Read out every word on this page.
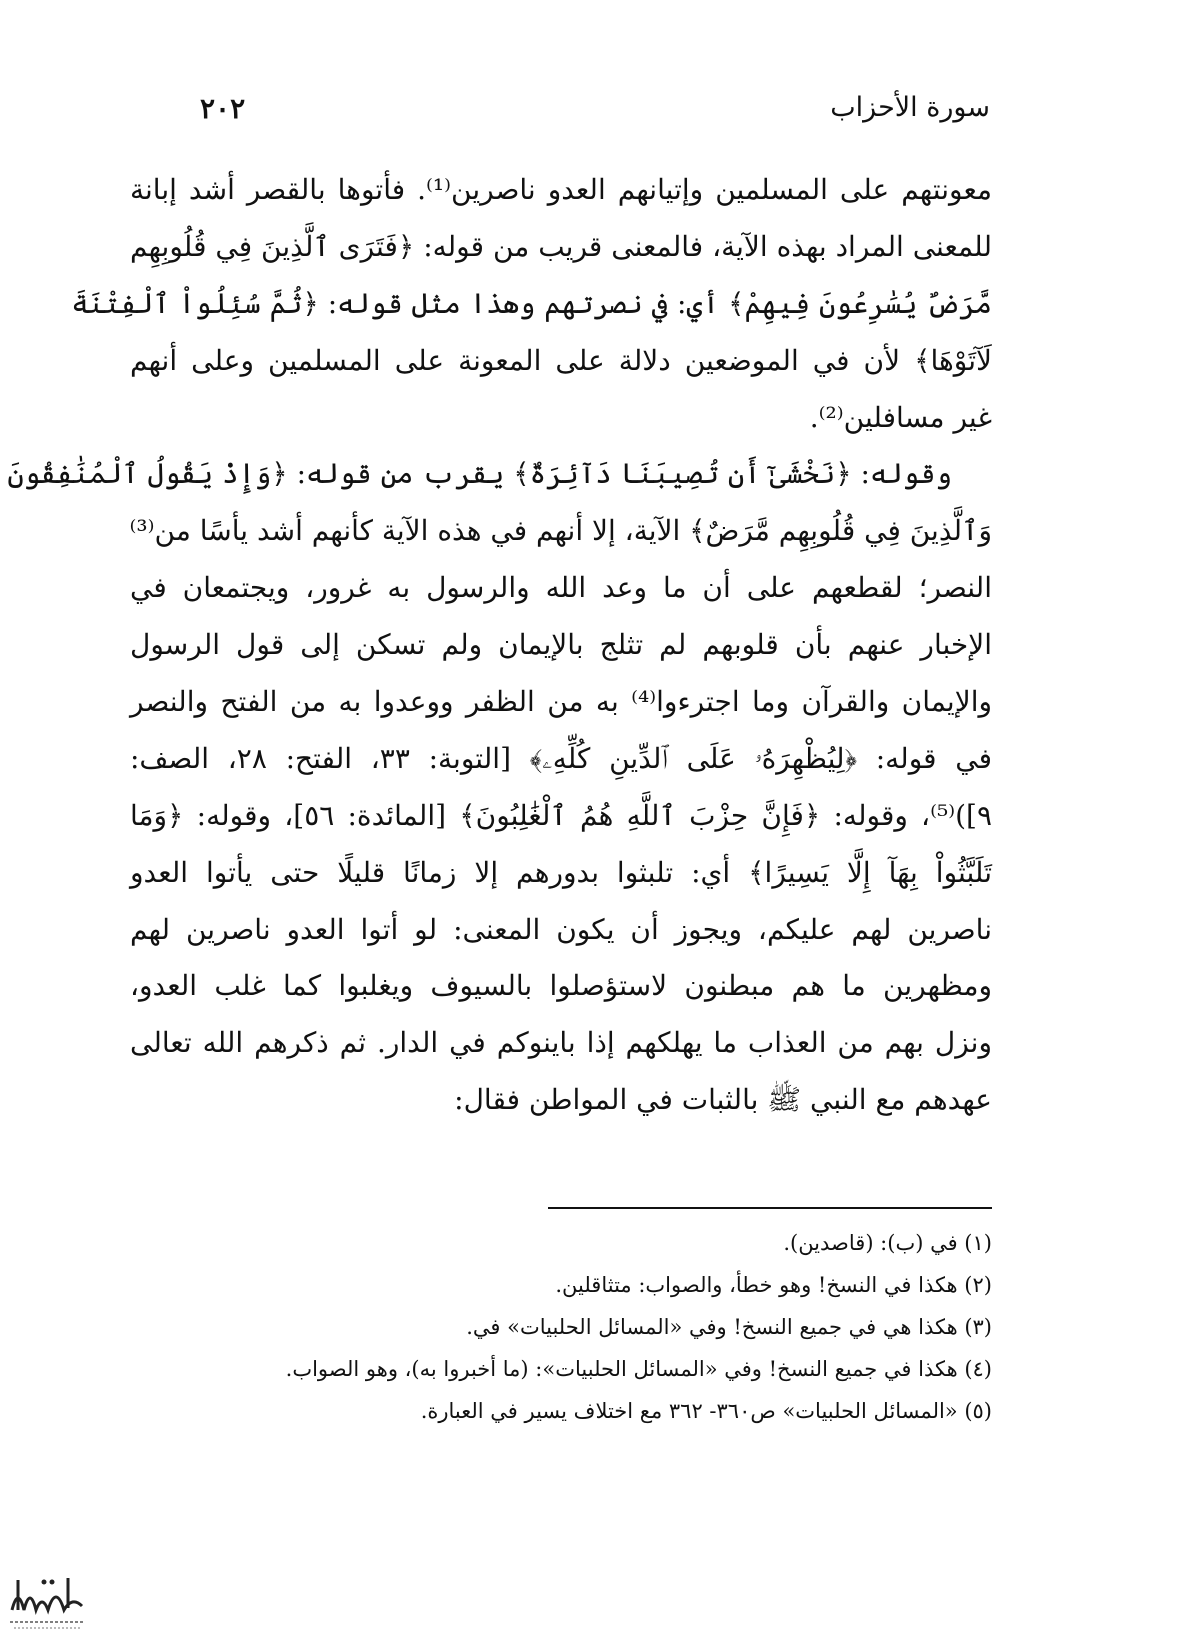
٢٠٢	سورة الأحزاب
معونتهم على المسلمين وإتيانهم العدو ناصرين⁽¹⁾. فأتوها بالقصر أشد إبانة
للمعنى المراد بهذه الآية، فالمعنى قريب من قوله: ﴿فَتَرَى ٱلَّذِينَ فِي قُلُوبِهِم
مَّرَضٌ يُسَٰرِعُونَ فِيهِمْ﴾ أي: في نصرتهم وهذا مثل قوله: ﴿ثُمَّ سُئِلُواْ ٱلْفِتْنَةَ
لَآتَوْهَا﴾ لأن في الموضعين دلالة على المعونة على المسلمين وعلى أنهم
غير مسافلين⁽²⁾.
وقوله: ﴿نَخْشَىٰٓ أَن تُصِيبَنَا دَآئِرَةٌ﴾ يقرب من قوله: ﴿وَإِذْ يَقُولُ ٱلْمُنَٰفِقُونَ
وَٱلَّذِينَ فِي قُلُوبِهِم مَّرَضٌ﴾ الآية، إلا أنهم في هذه الآية كأنهم أشد يأسًا من⁽³⁾
النصر؛ لقطعهم على أن ما وعد الله والرسول به غرور، ويجتمعان في
الإخبار عنهم بأن قلوبهم لم تثلج بالإيمان ولم تسكن إلى قول الرسول
والإيمان والقرآن وما اجترءوا⁽⁴⁾ به من الظفر ووعدوا به من الفتح والنصر
في قوله: ﴿لِيُظْهِرَهُۥ عَلَى ٱلدِّينِ كُلِّهِۦ﴾ [التوبة: ٣٣، الفتح: ٢٨، الصف:
٩])⁽⁵⁾، وقوله: ﴿فَإِنَّ حِزْبَ ٱللَّهِ هُمُ ٱلْغَٰلِبُونَ﴾ [المائدة: ٥٦]، وقوله: ﴿وَمَا
تَلَبَّثُواْ بِهَآ إِلَّا يَسِيرًا﴾ أي: تلبثوا بدورهم إلا زمانًا قليلًا حتى يأتوا العدو
ناصرين لهم عليكم، ويجوز أن يكون المعنى: لو أتوا العدو ناصرين لهم
ومظهرين ما هم مبطنون لاستؤصلوا بالسيوف ويغلبوا كما غلب العدو،
ونزل بهم من العذاب ما يهلكهم إذا باينوكم في الدار. ثم ذكرهم الله تعالى
عهدهم مع النبي ﷺ بالثبات في المواطن فقال:
(١) في (ب): (قاصدين).
(٢) هكذا في النسخ! وهو خطأ، والصواب: متثاقلين.
(٣) هكذا هي في جميع النسخ! وفي «المسائل الحلبيات» في.
(٤) هكذا في جميع النسخ! وفي «المسائل الحلبيات»: (ما أخبروا به)، وهو الصواب.
(٥) «المسائل الحلبيات» ص٣٦٠- ٣٦٢ مع اختلاف يسير في العبارة.
